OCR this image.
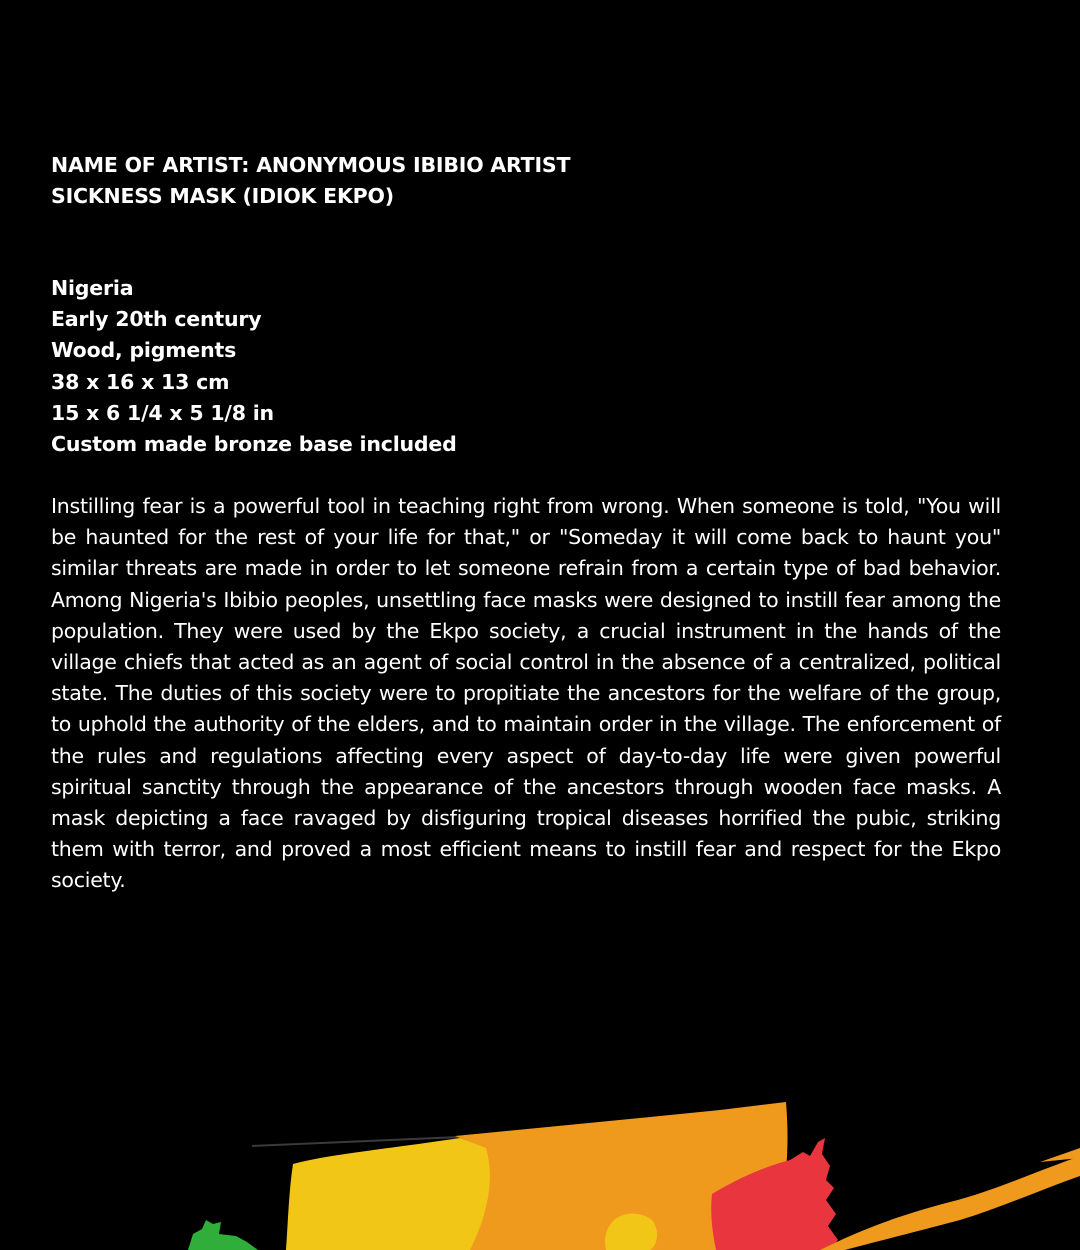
NAME OF ARTIST: ANONYMOUS IBIBIO ARTIST
SICKNESS MASK (IDIOK EKPO)
Nigeria
Early 20th century
Wood, pigments
38 x 16 x 13 cm
15 x 6 1/4 x 5 1/8 in
Custom made bronze base included

Instilling fear is a powerful tool in teaching right from wrong. When someone is told, "You will be haunted for the rest of your life for that," or "Someday it will come back to haunt you" similar threats are made in order to let someone refrain from a certain type of bad behavior. Among Nigeria's Ibibio peoples, unsettling face masks were designed to instill fear among the population. They were used by the Ekpo society, a crucial instrument in the hands of the village chiefs that acted as an agent of social control in the absence of a centralized, political state. The duties of this society were to propitiate the ancestors for the welfare of the group, to uphold the authority of the elders, and to maintain order in the village. The enforcement of the rules and regulations affecting every aspect of day-to-day life were given powerful spiritual sanctity through the appearance of the ancestors through wooden face masks. A mask depicting a face ravaged by disfiguring tropical diseases horrified the pubic, striking them with terror, and proved a most efficient means to instill fear and respect for the Ekpo society.
